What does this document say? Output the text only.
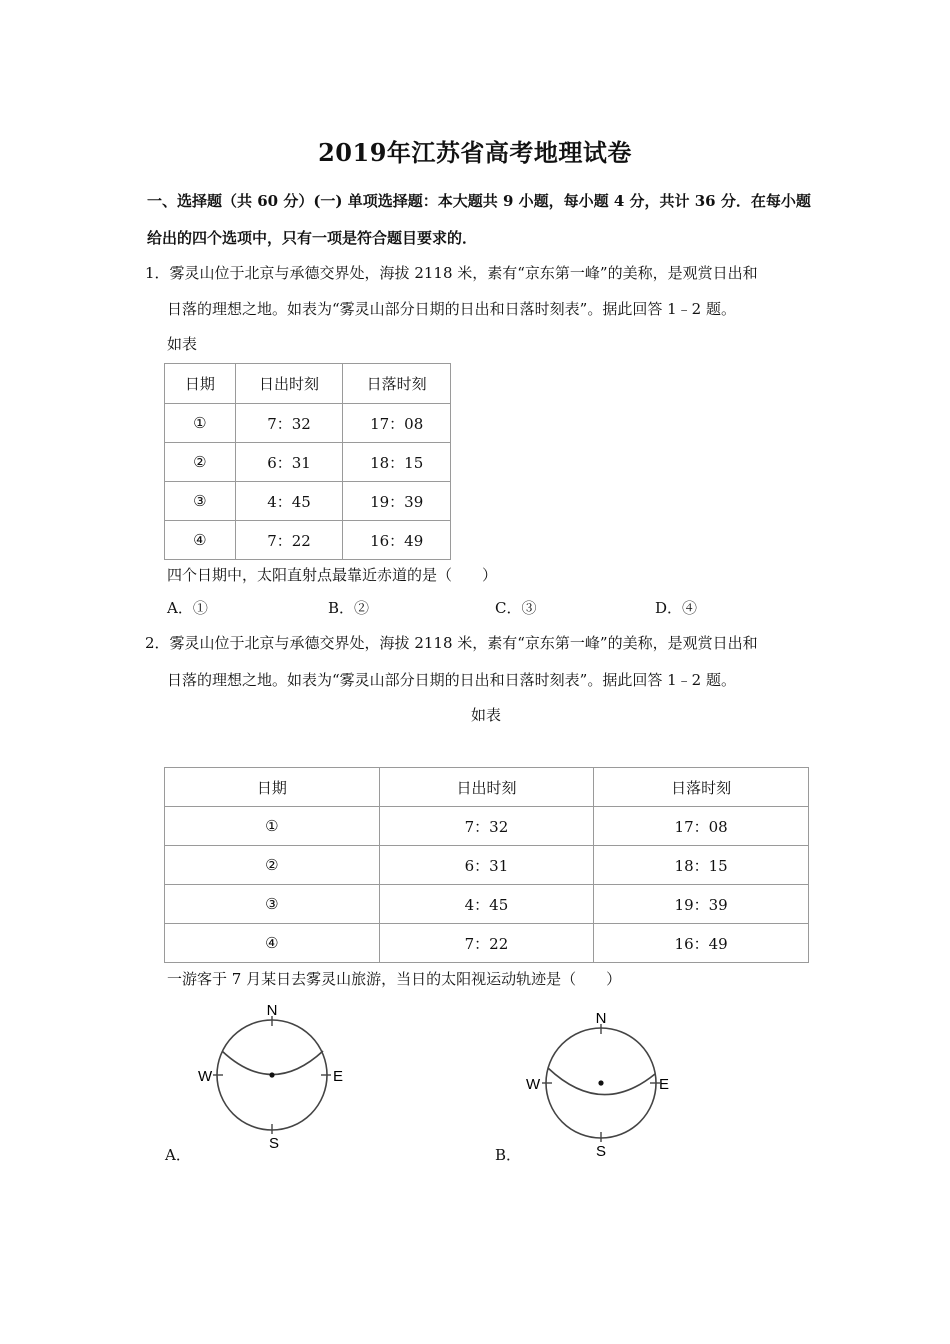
2019年江苏省高考地理试卷
一、选择题（共 60 分）(一) 单项选择题：本大题共 9 小题，每小题 4 分，共计 36 分．在每小题
给出的四个选项中，只有一项是符合题目要求的．
1．雾灵山位于北京与承德交界处，海拔 2118 米，素有“京东第一峰”的美称，是观赏日出和
日落的理想之地。如表为“雾灵山部分日期的日出和日落时刻表”。据此回答 1﹣2 题。
如表
日期	日出时刻	日落时刻
①	7：32	17：08
②	6：31	18：15
③	4：45	19：39
④	7：22	16：49
四个日期中，太阳直射点最靠近赤道的是（　　）
A．①	B．②	C．③	D．④
2．雾灵山位于北京与承德交界处，海拔 2118 米，素有“京东第一峰”的美称，是观赏日出和
日落的理想之地。如表为“雾灵山部分日期的日出和日落时刻表”。据此回答 1﹣2 题。
如表
日期	日出时刻	日落时刻
①	7：32	17：08
②	6：31	18：15
③	4：45	19：39
④	7：22	16：49
一游客于 7 月某日去雾灵山旅游，当日的太阳视运动轨迹是（　　）
N
S
W	E
A．
N
S
W	E
B．
